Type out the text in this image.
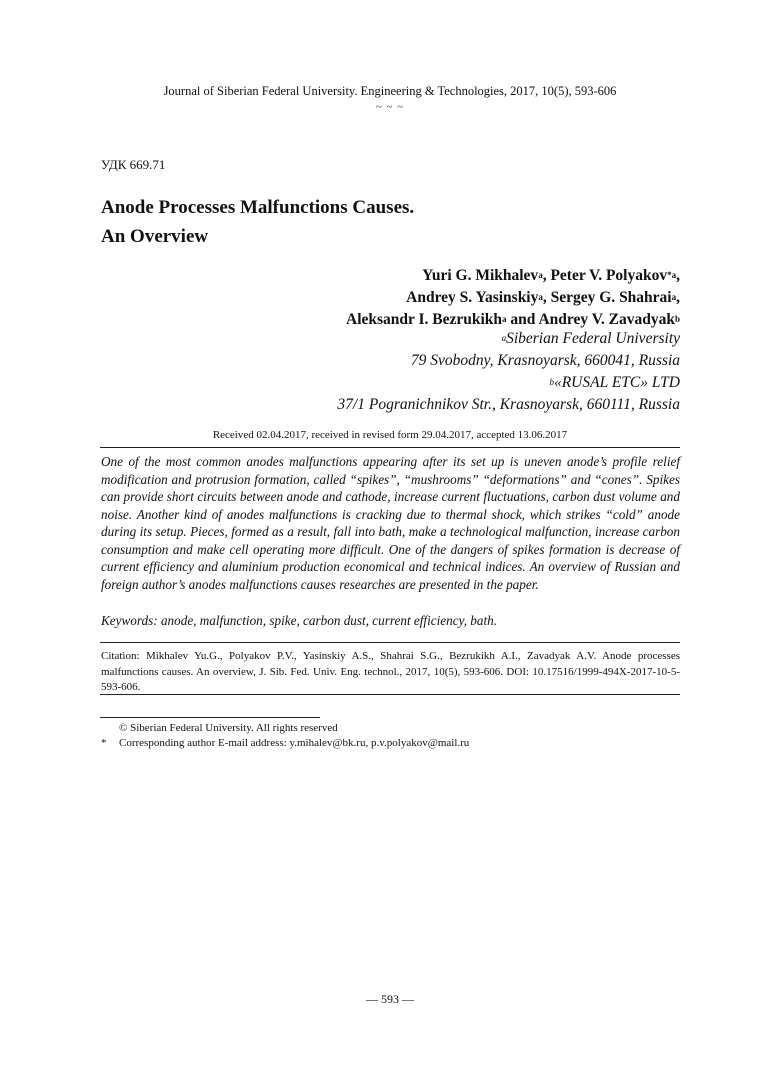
Journal of Siberian Federal University. Engineering & Technologies, 2017, 10(5), 593-606
~ ~ ~
УДК 669.71
Anode Processes Malfunctions Causes.
An Overview
Yuri G. Mikhalev$^a$, Peter V. Polyakov$^{*a}$,
Andrey S. Yasinskiy$^a$, Sergey G. Shahrai$^a$,
Aleksandr I. Bezrukikh$^a$ and Andrey V. Zavadyak$^b$
$^a$Siberian Federal University
79 Svobodny, Krasnoyarsk, 660041, Russia
$^b$«RUSAL ETC» LTD
37/1 Pogranichnikov Str., Krasnoyarsk, 660111, Russia
Received 02.04.2017, received in revised form 29.04.2017, accepted 13.06.2017
One of the most common anodes malfunctions appearing after its set up is uneven anode’s profile relief modification and protrusion formation, called “spikes”, “mushrooms” “deformations” and “cones”. Spikes can provide short circuits between anode and cathode, increase current fluctuations, carbon dust volume and noise. Another kind of anodes malfunctions is cracking due to thermal shock, which strikes “cold” anode during its setup. Pieces, formed as a result, fall into bath, make a technological malfunction, increase carbon consumption and make cell operating more difficult. One of the dangers of spikes formation is decrease of current efficiency and aluminium production economical and technical indices. An overview of Russian and foreign author’s anodes malfunctions causes researches are presented in the paper.
Keywords: anode, malfunction, spike, carbon dust, current efficiency, bath.
Citation: Mikhalev Yu.G., Polyakov P.V., Yasinskiy A.S., Shahrai S.G., Bezrukikh A.I., Zavadyak A.V. Anode processes malfunctions causes. An overview, J. Sib. Fed. Univ. Eng. technol., 2017, 10(5), 593-606. DOI: 10.17516/1999-494X-2017-10-5-593-606.
© Siberian Federal University. All rights reserved
* Corresponding author E-mail address: y.mihalev@bk.ru, p.v.polyakov@mail.ru
— 593 —
